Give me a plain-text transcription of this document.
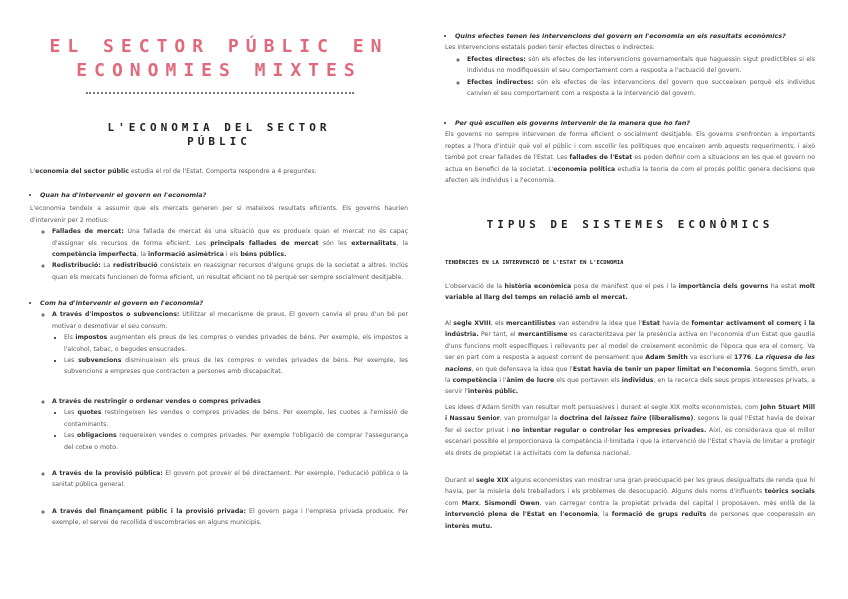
EL SECTOR PÚBLIC EN
ECONOMIES MIXTES
L'ECONOMIA DEL SECTOR
PÚBLIC

L'economia del sector públic estudia el rol de l'Estat. Comporta respondre a 4 preguntes:

• Quan ha d'intervenir el govern en l'economia?

L'economia tendeix a assumir que els mercats generen per si mateixos resultats eficients. Els governs haurien d'intervenir per 2 motius:

◦ Fallades de mercat: Una fallada de mercat és una situació que es produeix quan el mercat no és capaç d'assignar els recursos de forma eficient. Les principals fallades de mercat són les externalitats, la competència imperfecta, la informació asimètrica i els béns públics.
◦ Redistribució: La redistribució consisteix en reassignar recursos d'alguns grups de la societat a altres. Inclús quan els mercats funcionen de forma eficient, un resultat eficient no té perquè ser sempre socialment desitjable.
• Com ha d'intervenir el govern en l'economia?
◦ A través d'impostos o subvencions: Utilitzar el mecanisme de preus. El govern canvia el preu d'un bé per motivar o desmotivar el seu consum.
▪ Els impostos augmenten els preus de les compres o vendes privades de béns. Per exemple, els impostos a l'alcohol, tabac, o begudes ensucrades.
▪ Les subvencions disminueixen els preus de les compres o vendes privades de béns. Per exemple, les subvencions a empreses que contracten a persones amb discapacitat.
◦ A través de restringir o ordenar vendes o compres privades
▪ Les quotes restringeixen les vendes o compres privades de béns. Per exemple, les cuotes a l'emissió de contaminants.
▪ Les obligacions requereixen vendes o compres privades. Per exemple l'obligació de comprar l'assegurança del cotxe o moto.
◦ A través de la provisió pública: El govern pot proveir el bé directament. Per exemple, l'educació pública o la sanitat pública general.
◦ A través del finançament públic i la provisió privada: El govern paga i l'empresa privada produeix. Per exemple, el servei de recollida d'escombraries en alguns municipis.
• Quins efectes tenen les intervencions del govern en l'economia en els resultats econòmics?

Les intervencions estatals poden tenir efectes directes o indirectes:

◦ Efectes directes: són els efectes de les intervencions governamentals que haguessin sigut predictibles si els individus no modifiquessin el seu comportament com a resposta a l'actuació del govern.
◦ Efectes indirectes: són els efectes de les intervencions del govern que succeeixen perquè els individus canvien el seu comportament com a resposta a la intervenció del govern.
• Per què escullen els governs intervenir de la manera que ho fan?

Els governs no sempre intervenen de forma eficient o socialment desitjable. Els governs s'enfronten a importants reptes a l'hora d'intuir què vol el públic i com escollir les polítiques que encaixen amb aquests requeriments, i això també pot crear fallades de l'Estat. Les fallades de l'Estat es poden definir com a situacions en les que el govern no actua en benefici de la societat. L'economia política estudia la teoria de com el procés polític genera decisions que afecten als individus i a l'economia.

TIPUS DE SISTEMES ECONÒMICS
TENDÈNCIES EN LA INTERVENCIÓ DE L'ESTAT EN L'ECONOMIA

L'observació de la història econòmica posa de manifest que el pes i la importància dels governs ha estat molt variable al llarg del temps en relació amb el mercat.

Al segle XVIII, els mercantilistes van estendre la idea que l'Estat havia de fomentar activament el comerç i la indústria. Per tant, el mercantilisme es caracteritzava per la presència activa en l'economia d'un Estat que gaudia d'uns funcions molt específiques i rellevants per al model de creixement econòmic de l'època que era el comerç. Va ser en part com a resposta a aquest corrent de pensament que Adam Smith va escriure el 1776. La riquesa de les nacions, en què defensava la idea que l'Estat havia de tenir un paper limitat en l'economia. Segons Smith, eren la competència i l'ànim de lucre els que portaven els individus, en la recerca dels seus propis interessos privats, a servir l'interès públic.

Les idees d'Adam Smith van resultar molt persuasives i durant el segle XIX molts economistes, com John Stuart Mill i Nassau Senior, van promulgar la doctrina del laissez faire (liberalisme), segons la qual l'Estat havia de deixar fer el sector privat i no intentar regular o controlar les empreses privades. Així, es considerava que el millor escenari possible el proporcionava la competència il·limitada i que la intervenció de l'Estat s'havia de limitar a protegir els drets de propietat i a activitats com la defensa nacional.

Durant el segle XIX alguns economistes van mostrar una gran preocupació per les greus desigualtats de renda que hi havia, per la misèria dels treballadors i els problemes de desocupació. Alguns dels noms d'influents teòrics socials com Marx, Sismondi Owen, van carregar contra la propietat privada del capital i proposaven, més enllà de la intervenció plena de l'Estat en l'economia, la formació de grups reduïts de persones que cooperessin en interès mutu.
